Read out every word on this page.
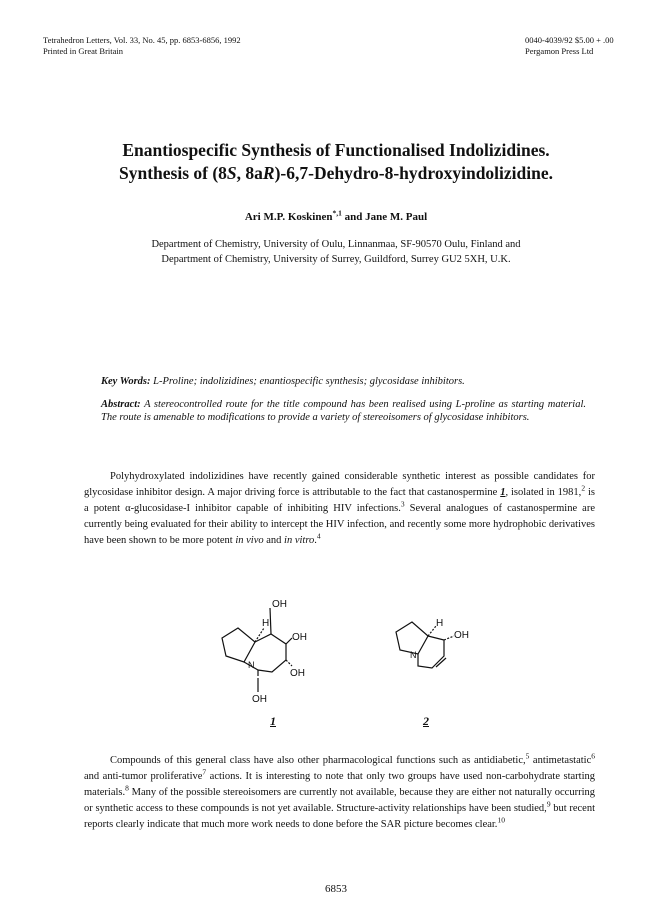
Tetrahedron Letters, Vol. 33, No. 45, pp. 6853-6856, 1992
Printed in Great Britain
0040-4039/92 $5.00 + .00
Pergamon Press Ltd
Enantiospecific Synthesis of Functionalised Indolizidines.
Synthesis of (8S, 8aR)-6,7-Dehydro-8-hydroxyindolizidine.
Ari M.P. Koskinen$^{*,1}$ and Jane M. Paul
Department of Chemistry, University of Oulu, Linnanmaa, SF-90570 Oulu, Finland and
Department of Chemistry, University of Surrey, Guildford, Surrey GU2 5XH, U.K.
Key Words: L-Proline; indolizidines; enantiospecific synthesis; glycosidase inhibitors.
Abstract: A stereocontrolled route for the title compound has been realised using L-proline as starting material. The route is amenable to modifications to provide a variety of stereoisomers of glycosidase inhibitors.

Polyhydroxylated indolizidines have recently gained considerable synthetic interest as possible candidates for glycosidase inhibitor design. A major driving force is attributable to the fact that castanospermine 1, isolated in 1981,$^2$ is a potent α-glucosidase-I inhibitor capable of inhibiting HIV infections.$^3$ Several analogues of castanospermine are currently being evaluated for their ability to intercept the HIV infection, and recently some more hydrophobic derivatives have been shown to be more potent in vivo and in vitro.$^4$

OH
H
OH
OH
OH
N
H
OH
N
1	2

Compounds of this general class have also other pharmacological functions such as antidiabetic,$^5$ antimetastatic$^6$ and anti-tumor proliferative$^7$ actions. It is interesting to note that only two groups have used non-carbohydrate starting materials.$^8$ Many of the possible stereoisomers are currently not available, because they are either not naturally occurring or synthetic access to these compounds is not yet available. Structure-activity relationships have been studied,$^9$ but recent reports clearly indicate that much more work needs to done before the SAR picture becomes clear.$^{10}$

6853
